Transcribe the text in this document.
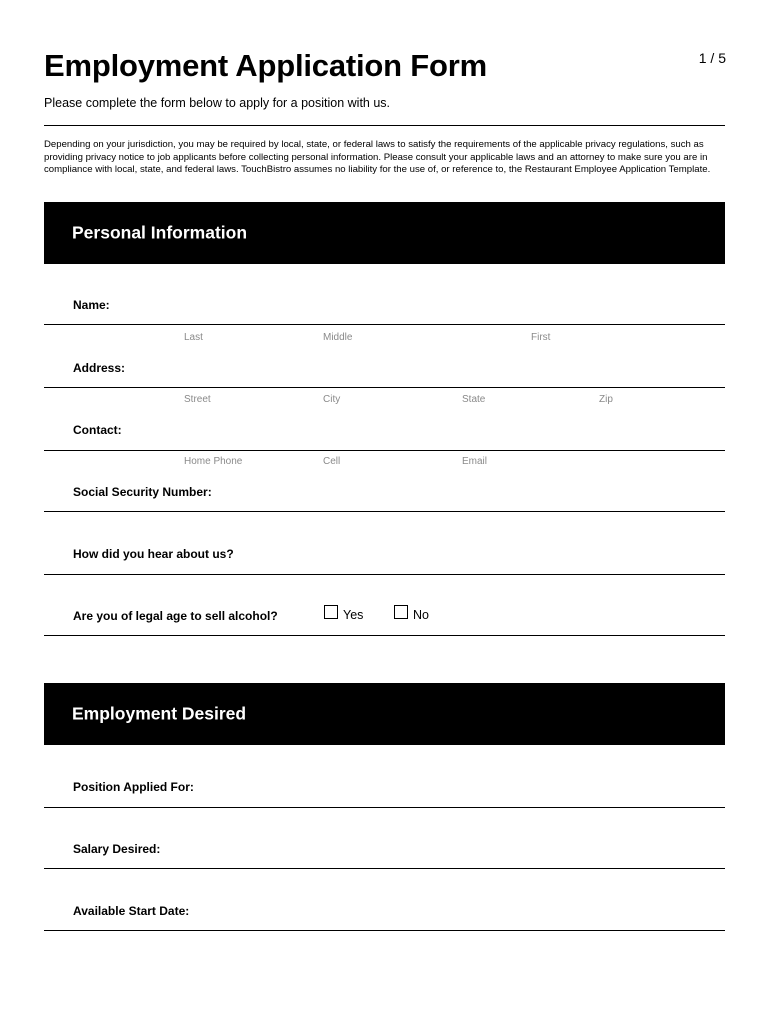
1 / 5
Employment Application Form
Please complete the form below to apply for a position with us.
Depending on your jurisdiction, you may be required by local, state, or federal laws to satisfy the requirements of the applicable privacy regulations, such as providing privacy notice to job applicants before collecting personal information. Please consult your applicable laws and an attorney to make sure you are in compliance with local, state, and federal laws. TouchBistro assumes no liability for the use of, or reference to, the Restaurant Employee Application Template.
Personal Information
Name:
Last	Middle	First
Address:
Street	City	State	Zip
Contact:
Home Phone	Cell	Email
Social Security Number:
How did you hear about us?
Are you of legal age to sell alcohol?	Yes	No
Employment Desired
Position Applied For:
Salary Desired:
Available Start Date:
